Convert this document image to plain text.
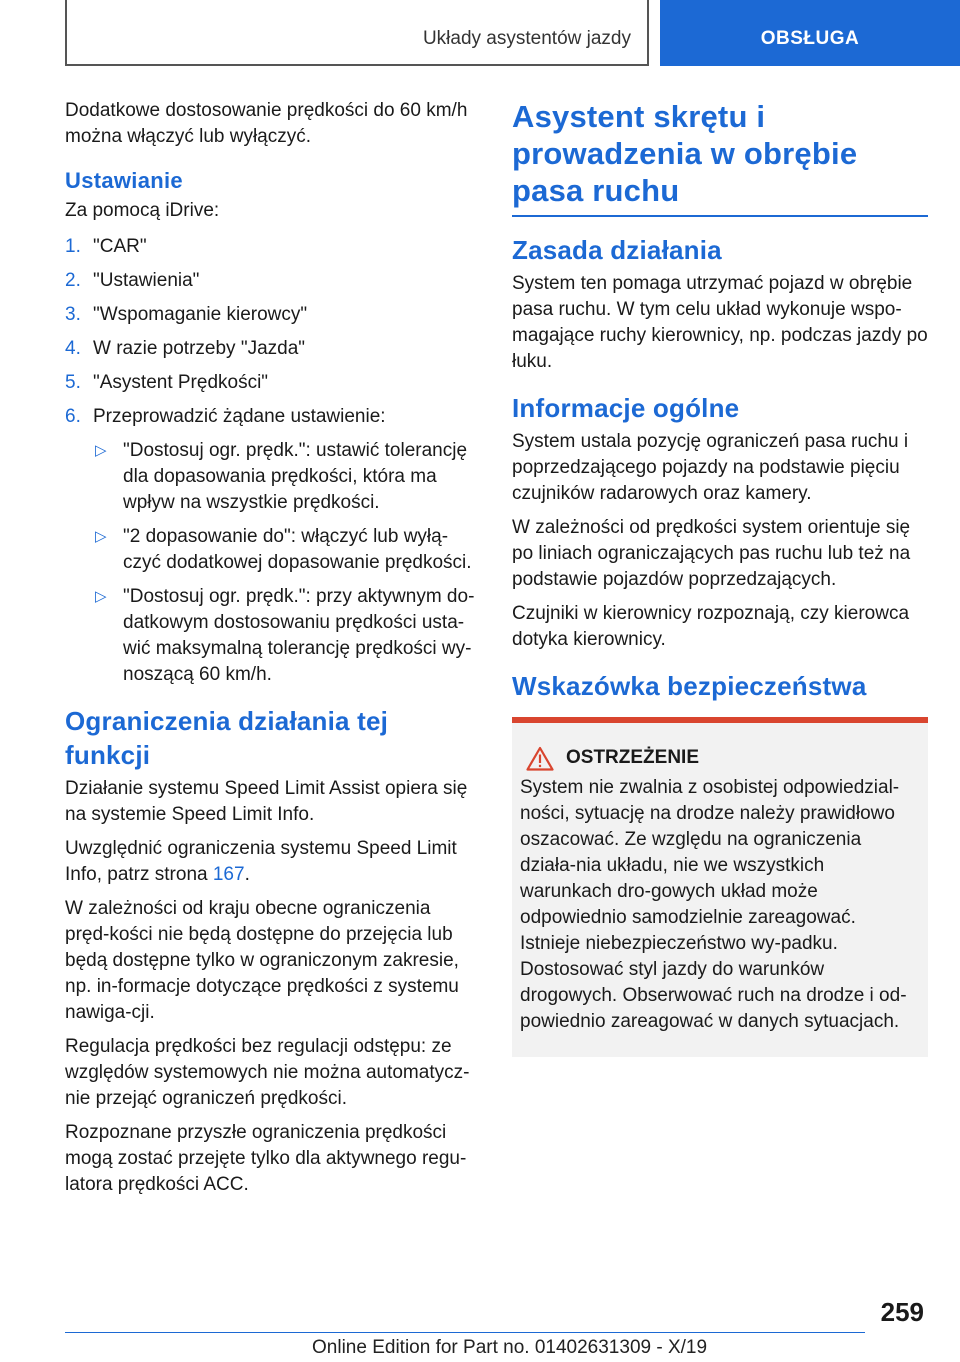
Układy asystentów jazdy	OBSŁUGA

Dodatkowe dostosowanie prędkości do 60 km/h można włączyć lub wyłączyć.

Ustawianie

Za pomocą iDrive:

1. "CAR"
2. "Ustawienia"
3. "Wspomaganie kierowcy"
4. W razie potrzeby "Jazda"
5. "Asystent Prędkości"
6. Przeprowadzić żądane ustawienie:
▷ "Dostosuj ogr. prędk.": ustawić tolerancję dla dopasowania prędkości, która ma wpływ na wszystkie prędkości.
▷ "2 dopasowanie do": włączyć lub wyłą‐czyć dodatkowej dopasowanie prędkości.
▷ "Dostosuj ogr. prędk.": przy aktywnym do‐datkowym dostosowaniu prędkości usta‐wić maksymalną tolerancję prędkości wy‐noszącą 60 km/h.
Ograniczenia działania tej funkcji

Działanie systemu Speed Limit Assist opiera się na systemie Speed Limit Info.

Uwzględnić ograniczenia systemu Speed Limit Info, patrz strona 167.

W zależności od kraju obecne ograniczenia pręd‐kości nie będą dostępne do przejęcia lub będą dostępne tylko w ograniczonym zakresie, np. in‐formacje dotyczące prędkości z systemu nawiga‐cji.

Regulacja prędkości bez regulacji odstępu: ze względów systemowych nie można automatycz‐nie przejąć ograniczeń prędkości.

Rozpoznane przyszłe ograniczenia prędkości mogą zostać przejęte tylko dla aktywnego regu‐latora prędkości ACC.

Asystent skrętu i prowadzenia w obrębie pasa ruchu
Zasada działania

System ten pomaga utrzymać pojazd w obrębie pasa ruchu. W tym celu układ wykonuje wspo‐magające ruchy kierownicy, np. podczas jazdy po łuku.

Informacje ogólne

System ustala pozycję ograniczeń pasa ruchu i poprzedzającego pojazdy na podstawie pięciu czujników radarowych oraz kamery.

W zależności od prędkości system orientuje się po liniach ograniczających pas ruchu lub też na podstawie pojazdów poprzedzających.

Czujniki w kierownicy rozpoznają, czy kierowca dotyka kierownicy.

Wskazówka bezpieczeństwa
OSTRZEŻENIE

System nie zwalnia z osobistej odpowiedzial‐ności, sytuację na drodze należy prawidłowo oszacować. Ze względu na ograniczenia działa‐nia układu, nie we wszystkich warunkach dro‐gowych układ może odpowiednio samodzielnie zareagować. Istnieje niebezpieczeństwo wy‐padku. Dostosować styl jazdy do warunków drogowych. Obserwować ruch na drodze i od‐powiednio zareagować w danych sytuacjach.

259
Online Edition for Part no. 01402631309 - X/19
